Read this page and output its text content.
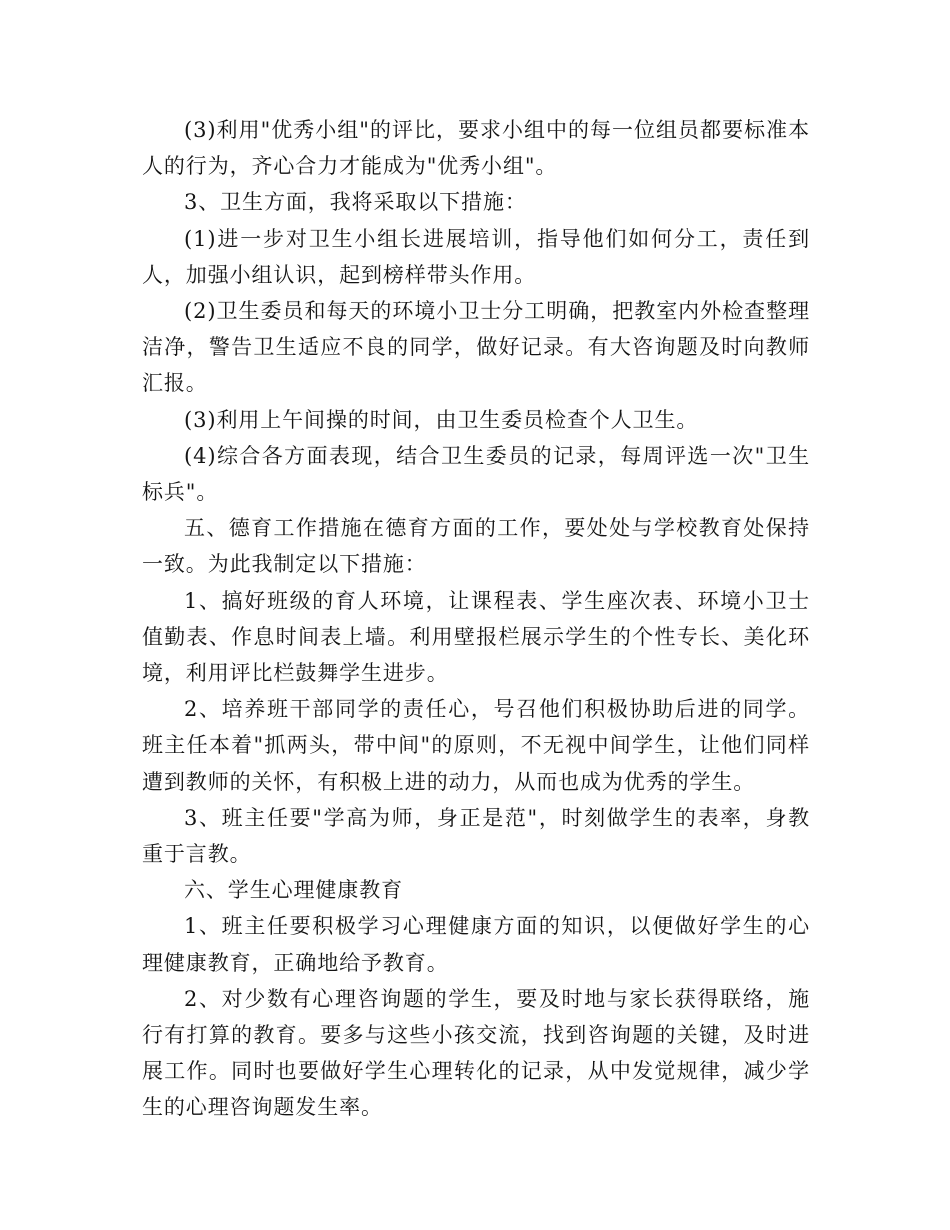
(3)利用"优秀小组"的评比，要求小组中的每一位组员都要标准本人的行为，齐心合力才能成为"优秀小组"。

3、卫生方面，我将采取以下措施：

(1)进一步对卫生小组长进展培训，指导他们如何分工，责任到人，加强小组认识，起到榜样带头作用。

(2)卫生委员和每天的环境小卫士分工明确，把教室内外检查整理洁净，警告卫生适应不良的同学，做好记录。有大咨询题及时向教师汇报。

(3)利用上午间操的时间，由卫生委员检查个人卫生。

(4)综合各方面表现，结合卫生委员的记录，每周评选一次"卫生标兵"。

五、德育工作措施在德育方面的工作，要处处与学校教育处保持一致。为此我制定以下措施：

1、搞好班级的育人环境，让课程表、学生座次表、环境小卫士值勤表、作息时间表上墙。利用壁报栏展示学生的个性专长、美化环境，利用评比栏鼓舞学生进步。

2、培养班干部同学的责任心，号召他们积极协助后进的同学。班主任本着"抓两头，带中间"的原则，不无视中间学生，让他们同样遭到教师的关怀，有积极上进的动力，从而也成为优秀的学生。

3、班主任要"学高为师，身正是范"，时刻做学生的表率，身教重于言教。

六、学生心理健康教育

1、班主任要积极学习心理健康方面的知识，以便做好学生的心理健康教育，正确地给予教育。

2、对少数有心理咨询题的学生，要及时地与家长获得联络，施行有打算的教育。要多与这些小孩交流，找到咨询题的关键，及时进展工作。同时也要做好学生心理转化的记录，从中发觉规律，减少学生的心理咨询题发生率。
